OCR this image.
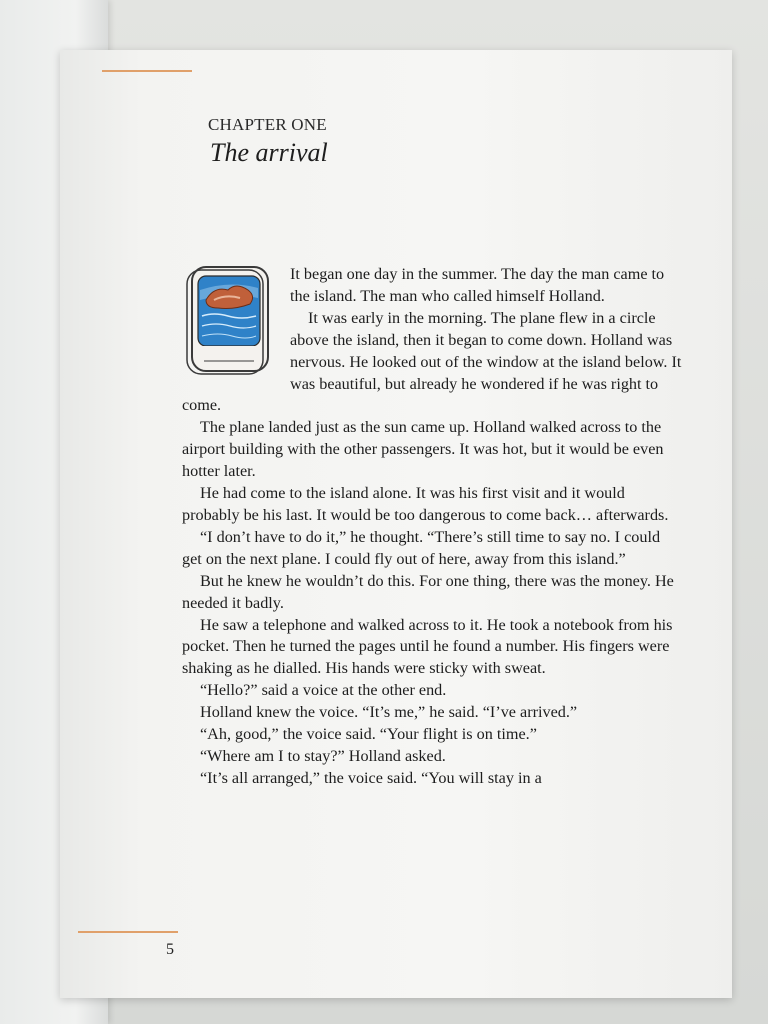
CHAPTER ONE
The arrival

It began one day in the summer. The day the man came to the island. The man who called himself Holland.

It was early in the morning. The plane flew in a circle above the island, then it began to come down. Holland was nervous. He looked out of the window at the island below. It was beautiful, but already he wondered if he was right to come.

The plane landed just as the sun came up. Holland walked across to the airport building with the other passengers. It was hot, but it would be even hotter later.

He had come to the island alone. It was his first visit and it would probably be his last. It would be too dangerous to come back… afterwards.

“I don’t have to do it,” he thought. “There’s still time to say no. I could get on the next plane. I could fly out of here, away from this island.”

But he knew he wouldn’t do this. For one thing, there was the money. He needed it badly.

He saw a telephone and walked across to it. He took a notebook from his pocket. Then he turned the pages until he found a number. His fingers were shaking as he dialled. His hands were sticky with sweat.

“Hello?” said a voice at the other end.

Holland knew the voice. “It’s me,” he said. “I’ve arrived.”

“Ah, good,” the voice said. “Your flight is on time.”

“Where am I to stay?” Holland asked.

“It’s all arranged,” the voice said. “You will stay in a

5
